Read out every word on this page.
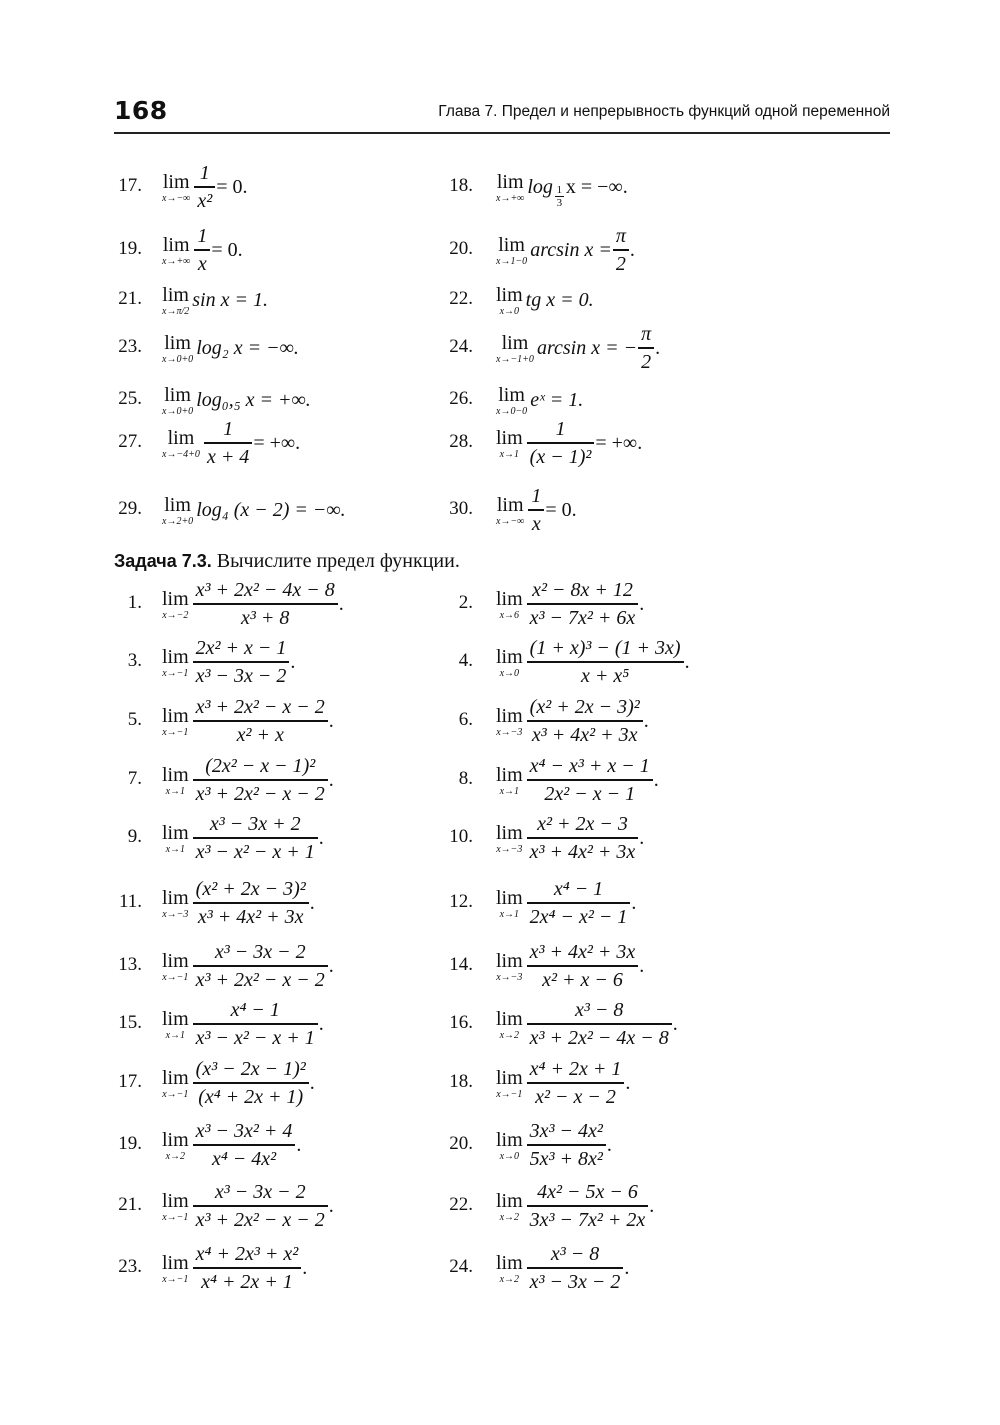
168	Глава 7. Предел и непрерывность функций одной переменной
17. lim
$x\to-\infty \frac{1}{\text{x²}} = 0$.	18. lim
x→+∞ log 1
3
x = −∞.
19. lim
$x\to+\infty \frac{1}{x} = 0$.	20. lim
x→1−0 $\arcsin x = \frac{\pi}{2}$ .
21. lim
x→π/2 sin x = 1.	22. lim
x→0 tg x = 0.
23. lim
x→0+0 log₂ x = −∞.	24. lim
x→−1+0 arcsin x = − $\frac{\pi}{2}$ .
25. lim
x→0+0 log₀,₅ x = +∞.	26. lim
x→0−0 eˣ = 1.
27. lim
$x\to-4+0 \frac{1}{x + 4}$ = +∞.	28. lim
$x\to 1 \frac{1}{\text{(x − 1)²}}$ = +∞.
29. lim
x→2+0 log₄ (x − 2) = −∞.	30. lim
$x\to-\infty \frac{1}{x} = 0$.
Задача 7.3. Вычислите предел функции.
1. lim
$x\to-2 \frac{\text{x³ + 2x² − 4x − 8}}{\text{x³ + 8}}$ .	2. lim
$x\to 6 \frac{\text{x² − 8x + 12}}{\text{x³ − 7x² + 6x}}$ .
3. lim
$x\to-1 \frac{\text{2x² + x − 1}}{\text{x³ − 3x − 2}}$ .	4. lim
$x\to 0 \frac{\text{(1 + x)³ − (1 + 3x)}}{\text{x + x⁵}}$ .
5. lim
$x\to-1 \frac{\text{x³ + 2x² − x − 2}}{\text{x² + x}}$ .	6. lim
$x\to-3 \frac{\text{(x² + 2x − 3)²}}{\text{x³ + 4x² + 3x}}$ .
7. lim
$x\to 1 \frac{\text{(2x² − x − 1)²}}{\text{x³ + 2x² − x − 2}}$ .	8. lim
$x\to 1 \frac{\text{x⁴ − x³ + x − 1}}{\text{2x² − x − 1}}$ .
9. lim
$x\to 1 \frac{\text{x³ − 3x + 2}}{\text{x³ − x² − x + 1}}$ .	10. lim
$x\to-3 \frac{\text{x² + 2x − 3}}{\text{x³ + 4x² + 3x}}$ .
11. lim
$x\to-3 \frac{\text{(x² + 2x − 3)²}}{\text{x³ + 4x² + 3x}}$ .	12. lim
$x\to 1 \frac{\text{x⁴ − 1}}{\text{2x⁴ − x² − 1}}$ .
13. lim
$x\to-1 \frac{\text{x³ − 3x − 2}}{\text{x³ + 2x² − x − 2}}$ .	14. lim
$x\to-3 \frac{\text{x³ + 4x² + 3x}}{\text{x² + x − 6}}$ .
15. lim
$x\to 1 \frac{\text{x⁴ − 1}}{\text{x³ − x² − x + 1}}$ .	16. lim
$x\to 2 \frac{\text{x³ − 8}}{\text{x³ + 2x² − 4x − 8}}$ .
17. lim
$x\to-1 \frac{\text{(x³ − 2x − 1)²}}{\text{(x⁴ + 2x + 1)}}$ .	18. lim
$x\to-1 \frac{\text{x⁴ + 2x + 1}}{\text{x² − x − 2}}$ .
19. lim
$x\to 2 \frac{\text{x³ − 3x² + 4}}{\text{x⁴ − 4x²}}$ .	20. lim
$x\to 0 \frac{\text{3x³ − 4x²}}{\text{5x³ + 8x²}}$ .
21. lim
$x\to-1 \frac{\text{x³ − 3x − 2}}{\text{x³ + 2x² − x − 2}}$ .	22. lim
$x\to 2 \frac{\text{4x² − 5x − 6}}{\text{3x³ − 7x² + 2x}}$ .
23. lim
$x\to-1 \frac{\text{x⁴ + 2x³ + x²}}{\text{x⁴ + 2x + 1}}$ .	24. lim
$x\to 2 \frac{\text{x³ − 8}}{\text{x³ − 3x − 2}}$ .
